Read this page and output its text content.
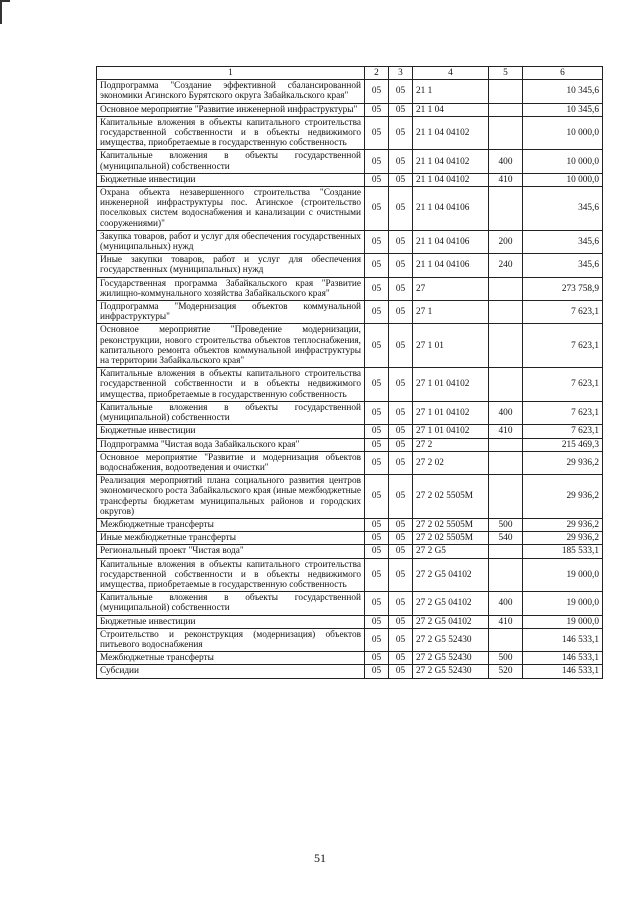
1	2	3	4	5	6
Подпрограмма "Создание эффективной сбалансированной экономики Агинского Бурятского округа Забайкальского края"	05	05	21 1		10 345,6
Основное мероприятие "Развитие инженерной инфраструктуры"	05	05	21 1 04		10 345,6
Капитальные вложения в объекты капитального строительства государственной собственности и в объекты недвижимого имущества, приобретаемые в государственную собственность	05	05	21 1 04 04102		10 000,0
Капитальные вложения в объекты государственной (муниципальной) собственности	05	05	21 1 04 04102	400	10 000,0
Бюджетные инвестиции	05	05	21 1 04 04102	410	10 000,0
Охрана объекта незавершенного строительства "Создание инженерной инфраструктуры пос. Агинское (строительство поселковых систем водоснабжения и канализации с очистными сооружениями)"	05	05	21 1 04 04106		345,6
Закупка товаров, работ и услуг для обеспечения государственных (муниципальных) нужд	05	05	21 1 04 04106	200	345,6
Иные закупки товаров, работ и услуг для обеспечения государственных (муниципальных) нужд	05	05	21 1 04 04106	240	345,6
Государственная программа Забайкальского края "Развитие жилищно-коммунального хозяйства Забайкальского края"	05	05	27		273 758,9
Подпрограмма "Модернизация объектов коммунальной инфраструктуры"	05	05	27 1		7 623,1
Основное мероприятие "Проведение модернизации, реконструкции, нового строительства объектов теплоснабжения, капитального ремонта объектов коммунальной инфраструктуры на территории Забайкальского края"	05	05	27 1 01		7 623,1
Капитальные вложения в объекты капитального строительства государственной собственности и в объекты недвижимого имущества, приобретаемые в государственную собственность	05	05	27 1 01 04102		7 623,1
Капитальные вложения в объекты государственной (муниципальной) собственности	05	05	27 1 01 04102	400	7 623,1
Бюджетные инвестиции	05	05	27 1 01 04102	410	7 623,1
Подпрограмма "Чистая вода Забайкальского края"	05	05	27 2		215 469,3
Основное мероприятие "Развитие и модернизация объектов водоснабжения, водоотведения и очистки"	05	05	27 2 02		29 936,2
Реализация мероприятий плана социального развития центров экономического роста Забайкальского края (иные межбюджетные трансферты бюджетам муниципальных районов и городских округов)	05	05	27 2 02 5505M		29 936,2
Межбюджетные трансферты	05	05	27 2 02 5505M	500	29 936,2
Иные межбюджетные трансферты	05	05	27 2 02 5505M	540	29 936,2
Региональный проект "Чистая вода"	05	05	27 2 G5		185 533,1
Капитальные вложения в объекты капитального строительства государственной собственности и в объекты недвижимого имущества, приобретаемые в государственную собственность	05	05	27 2 G5 04102		19 000,0
Капитальные вложения в объекты государственной (муниципальной) собственности	05	05	27 2 G5 04102	400	19 000,0
Бюджетные инвестиции	05	05	27 2 G5 04102	410	19 000,0
Строительство и реконструкция (модернизация) объектов питьевого водоснабжения	05	05	27 2 G5 52430		146 533,1
Межбюджетные трансферты	05	05	27 2 G5 52430	500	146 533,1
Субсидии	05	05	27 2 G5 52430	520	146 533,1
51
